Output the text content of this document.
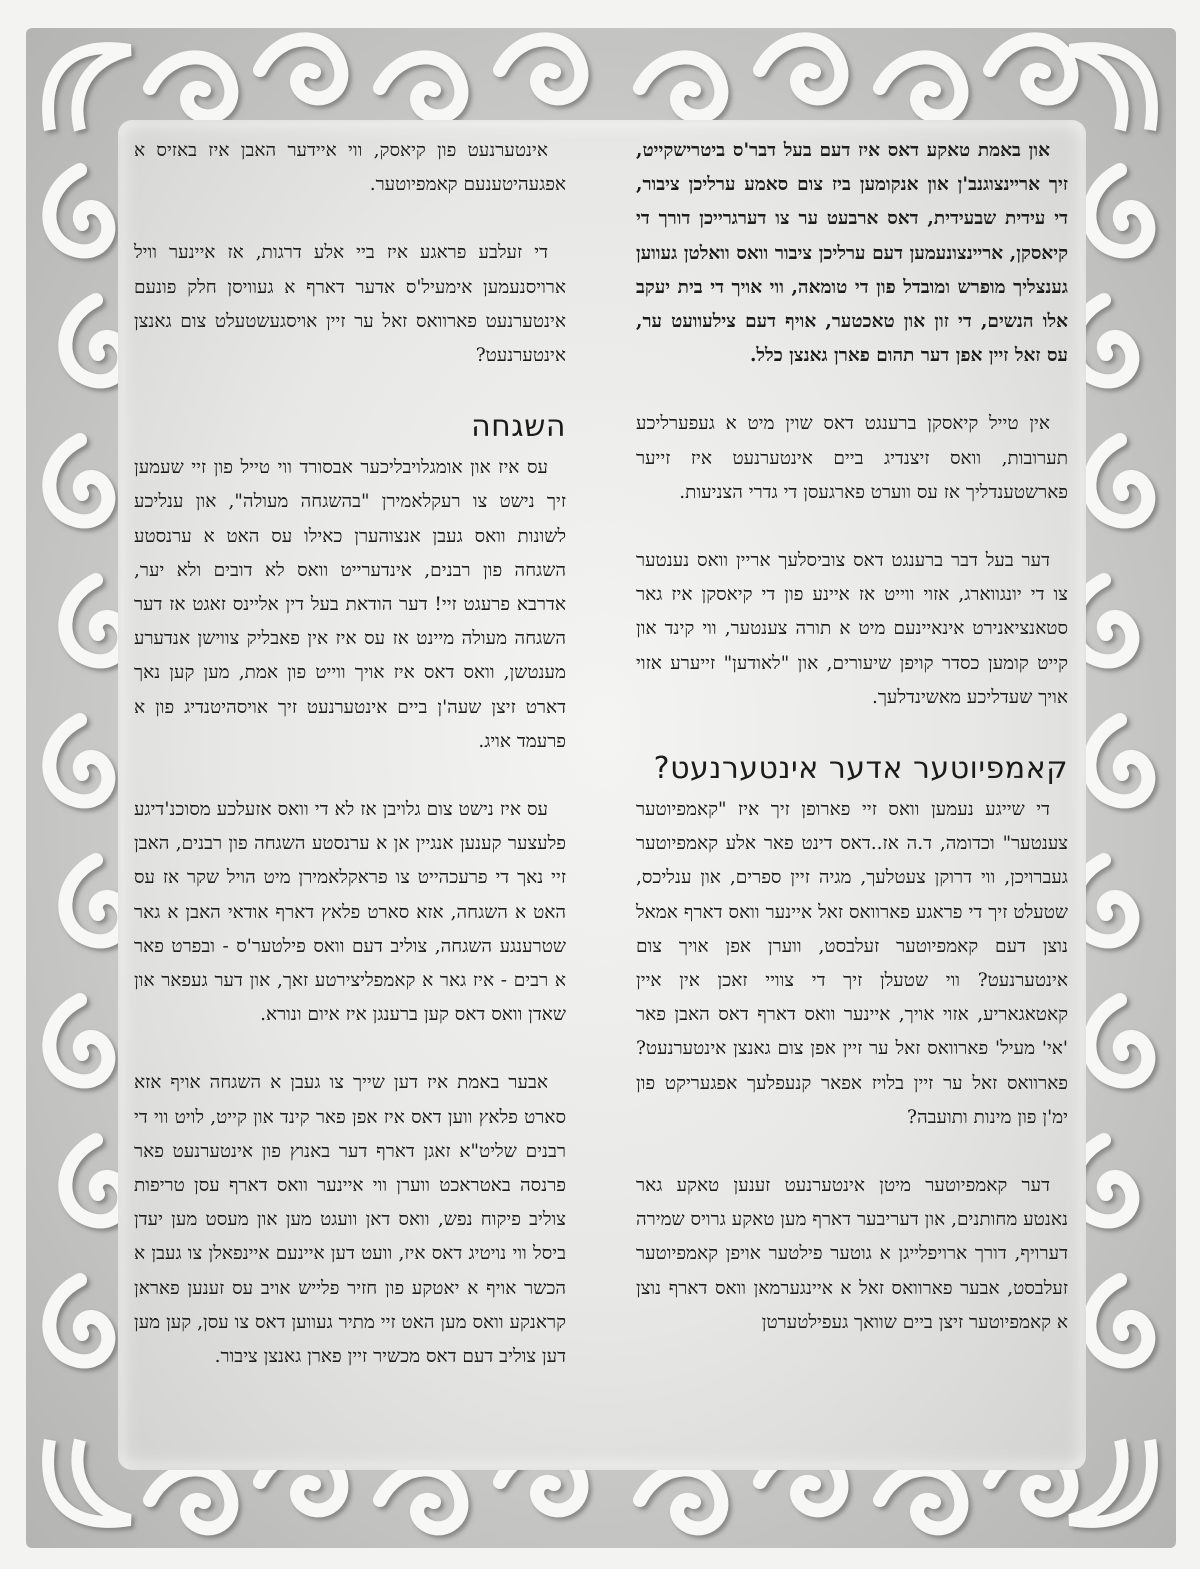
און באמת טאקע דאס איז דעם בעל דבר'ס ביטרישקייט, זיך ארײנצוגנב'ן און אנקומען ביז צום סאמע ערליכן ציבור, די עידית שבעידית, דאס ארבעט ער צו דערגרייכן דורך די קיאסקן, ארײנצונעמען דעם ערליכן ציבור וואס וואלטן געווען גענצליך מופרש ומובדל פון די טומאה, ווי אויך די בית יעקב אלו הנשים, די זון און טאכטער, אויף דעם צילעוועט ער, עס זאל זיין אפן דער תהום פארן גאנצן כלל.

אין טייל קיאסקן ברענגט דאס שוין מיט א געפערליכע תערובות, וואס זיצנדיג ביים אינטערנעט איז זייער פארשטענדליך אז עס ווערט פארגעסן די גדרי הצניעות.

דער בעל דבר ברענגט דאס צוביסלעך אריין וואס נענטער צו די יונגווארג, אזוי ווייט אז איינע פון די קיאסקן איז גאר סטאנציאנירט אינאיינעם מיט א תורה צענטער, ווי קינד און קייט קומען כסדר קויפן שיעורים, און "לאודען" זייערע אזוי אויך שעדליכע מאשינדלעך.

קאמפיוטער אדער אינטערנעט?

די שייגע נעמען וואס זיי פארופן זיך איז "קאמפיוטער צענטער" וכדומה, ד.ה אז..דאס דינט פאר אלע קאמפיוטער געברויכן, ווי דרוקן צעטלעך, מגיה זיין ספרים, און ענליכס, שטעלט זיך די פראגע פארוואס זאל איינער וואס דארף אמאל נוצן דעם קאמפיוטער זעלבסט, ווערן אפן אויך צום אינטערנעט? ווי שטעלן זיך די צוויי זאכן אין איין קאטאגאריע, אזוי אויך, איינער וואס דארף דאס האבן פאר 'אי' מעיל' פארוואס זאל ער זיין אפן צום גאנצן אינטערנעט? פארוואס זאל ער זיין בלויז אפאר קנעפלעך אפגעריקט פון ימ'ן פון מינות ותועבה?

דער קאמפיוטער מיטן אינטערנעט זענען טאקע גאר נאנטע מחותנים, און דעריבער דארף מען טאקע גרויס שמירה דערויף, דורך ארויפלייגן א גוטער פילטער אויפן קאמפיוטער זעלבסט, אבער פארוואס זאל א איינגערמאן וואס דארף נוצן א קאמפיוטער זיצן ביים שוואך געפילטערטן

אינטערנעט פון קיאסק, ווי איידער האבן איז באזיס א אפגעהיטענעם קאמפיוטער.

די זעלבע פראגע איז ביי אלע דרגות, אז איינער וויל ארויסנעמען אימעיל'ס אדער דארף א געוויסן חלק פונעם אינטערנעט פארוואס זאל ער זיין אויסגעשטעלט צום גאנצן אינטערנעט?

השגחה

עס איז און אומגלויבליכער אבסורד ווי טייל פון זיי שעמען זיך נישט צו רעקלאמירן "בהשגחה מעולה", און ענליכע לשונות וואס געבן אנצוהערן כאילו עס האט א ערנסטע השגחה פון רבנים, אינדערייט וואס לא דובים ולא יער, אדרבא פרעגט זיי! דער הודאת בעל דין אליינס זאגט אז דער השגחה מעולה מיינט אז עס איז אין פאבליק צווישן אנדערע מענטשן, וואס דאס איז אויך ווייט פון אמת, מען קען נאך דארט זיצן שעה'ן ביים אינטערנעט זיך אויסהיטנדיג פון א פרעמד אויג.

עס איז נישט צום גלויבן אז לא די וואס אזעלכע מסוכנ'דיגע פלעצער קענען אנגיין אן א ערנסטע השגחה פון רבנים, האבן זיי נאך די פרעכהייט צו פראקלאמירן מיט הויל שקר אז עס האט א השגחה, אזא סארט פלאץ דארף אודאי האבן א גאר שטרענגע השגחה, צוליב דעם וואס פילטער'ס - ובפרט פאר א רבים - איז גאר א קאמפליצירטע זאך, און דער געפאר און שאדן וואס דאס קען ברענגן איז איום ונורא.

אבער באמת איז דען שייך צו געבן א השגחה אויף אזא סארט פלאץ ווען דאס איז אפן פאר קינד און קייט, לויט ווי די רבנים שליט"א זאגן דארף דער באנוץ פון אינטערנעט פאר פרנסה באטראכט ווערן ווי איינער וואס דארף עסן טריפות צוליב פיקוח נפש, וואס דאן וועגט מען און מעסט מען יעדן ביסל ווי נויטיג דאס איז, וועט דען איינעם איינפאלן צו געבן א הכשר אויף א יאטקע פון חזיר פלייש אויב עס זענען פאראן קראנקע וואס מען האט זיי מתיר געווען דאס צו עסן, קען מען דען צוליב דעם דאס מכשיר זיין פארן גאנצן ציבור.
